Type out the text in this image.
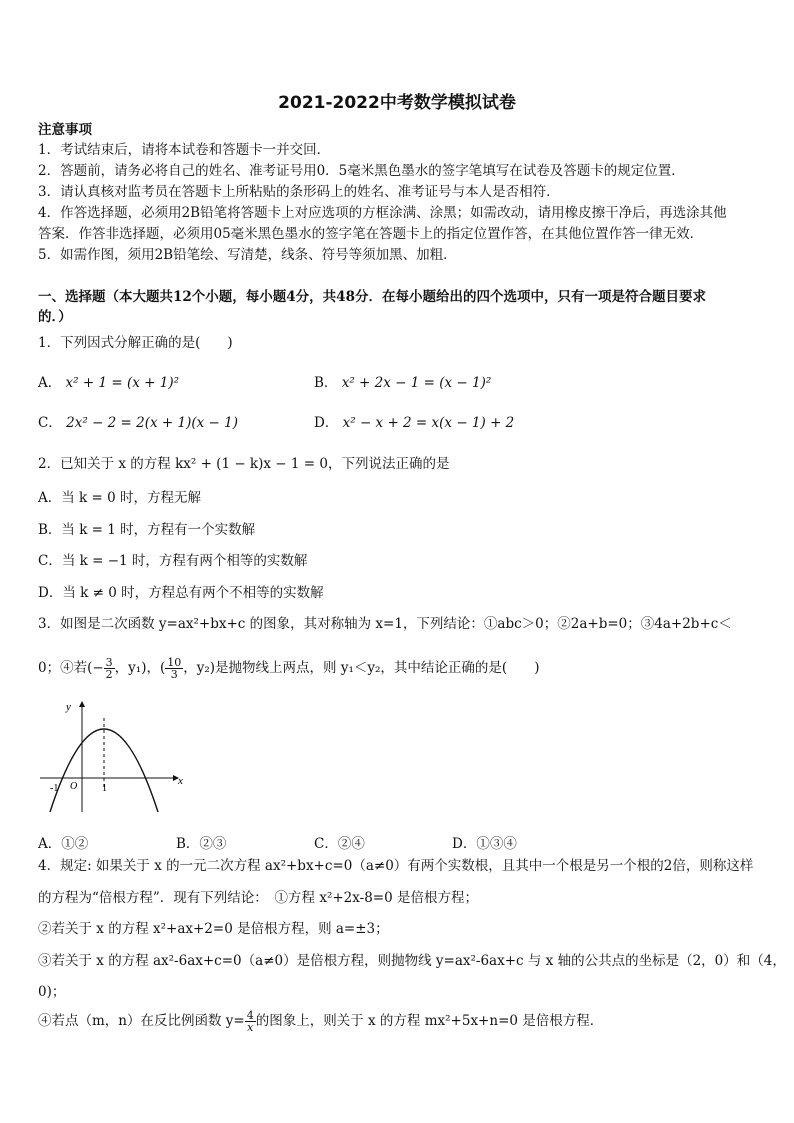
2021-2022中考数学模拟试卷
注意事项
1．考试结束后，请将本试卷和答题卡一并交回．
2．答题前，请务必将自己的姓名、准考证号用0．5毫米黑色墨水的签字笔填写在试卷及答题卡的规定位置．
3．请认真核对监考员在答题卡上所粘贴的条形码上的姓名、准考证号与本人是否相符．
4．作答选择题，必须用2B铅笔将答题卡上对应选项的方框涂满、涂黑；如需改动，请用橡皮擦干净后，再选涂其他
答案．作答非选择题，必须用05毫米黑色墨水的签字笔在答题卡上的指定位置作答，在其他位置作答一律无效．
5．如需作图，须用2B铅笔绘、写清楚，线条、符号等须加黑、加粗．
一、选择题（本大题共12个小题，每小题4分，共48分．在每小题给出的四个选项中，只有一项是符合题目要求
的．）
1．下列因式分解正确的是(　　)
A． x² + 1 = (x + 1)²	B． x² + 2x − 1 = (x − 1)²
C． 2x² − 2 = 2(x + 1)(x − 1)	D． x² − x + 2 = x(x − 1) + 2
2．已知关于 x 的方程 kx² + (1 − k)x − 1 = 0，下列说法正确的是
A．当 k = 0 时，方程无解
B．当 k = 1 时，方程有一个实数解
C．当 k = −1 时，方程有两个相等的实数解
D．当 k ≠ 0 时，方程总有两个不相等的实数解
3．如图是二次函数 y=ax²+bx+c 的图象，其对称轴为 x=1，下列结论：①abc＞0；②2a+b=0；③4a+2b+c＜
0；④若(− $\frac{3}{2}$ ，y₁)，( $\frac{10}{3}$ ，y₂)是抛物线上两点，则 y₁＜y₂，其中结论正确的是(　　)
y
x
O
-1	1
A．①②	B．②③	C．②④	D．①③④
4．规定: 如果关于 x 的一元二次方程 ax²+bx+c=0（a≠0）有两个实数根，且其中一个根是另一个根的2倍，则称这样
的方程为“倍根方程”．现有下列结论：　①方程 x²+2x-8=0 是倍根方程；
②若关于 x 的方程 x²+ax+2=0 是倍根方程，则 a=±3；
③若关于 x 的方程 ax²-6ax+c=0（a≠0）是倍根方程，则抛物线 y=ax²-6ax+c 与 x 轴的公共点的坐标是（2，0）和（4，
0)；
④若点（m，n）在反比例函数 $y= \frac{4}{x}$ 的图象上，则关于 x 的方程 mx²+5x+n=0 是倍根方程．
